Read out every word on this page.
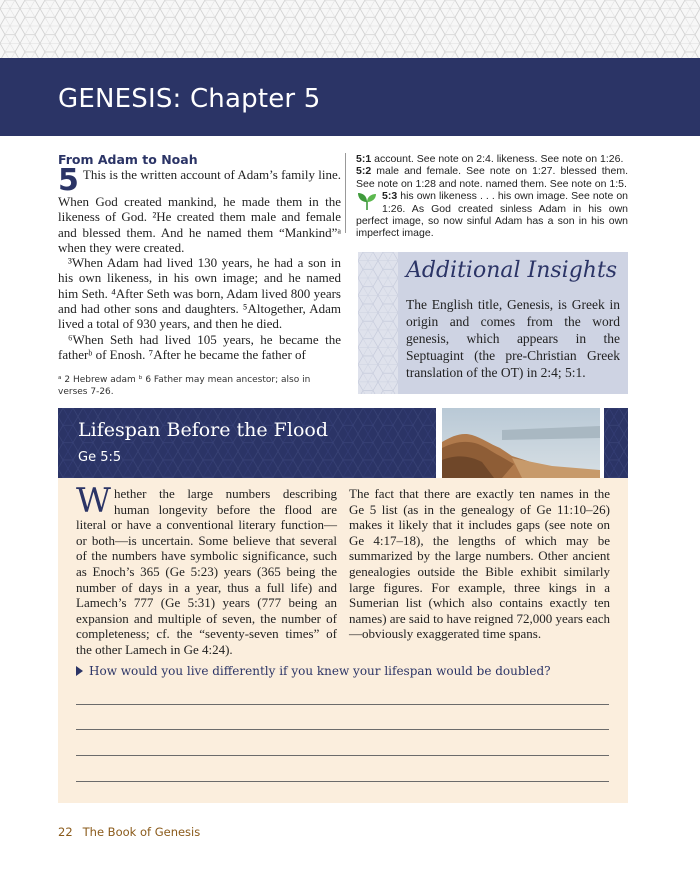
GENESIS: Chapter 5
From Adam to Noah

5 This is the written account of Adam’s family line.

When God created mankind, he made them in the likeness of God. ²He created them male and female and blessed them. And he named them “Mankind”ᵃ when they were created.

³When Adam had lived 130 years, he had a son in his own likeness, in his own image; and he named him Seth. ⁴After Seth was born, Adam lived 800 years and had other sons and daughters. ⁵Altogether, Adam lived a total of 930 years, and then he died.

⁶When Seth had lived 105 years, he became the fatherᵇ of Enosh. ⁷After he became the father of

ᵃ 2 Hebrew adam ᵇ 6 Father may mean ancestor; also in verses 7-26.

5:1 account. See note on 2:4. likeness. See note on 1:26.

5:2 male and female. See note on 1:27. blessed them. See note on 1:28 and note. named them. See note on 1:5.

5:3 his own likeness . . . his own image. See note on 1:26. As God created sinless Adam in his own perfect image, so now sinful Adam has a son in his own imperfect image.

Additional Insights
The English title, Genesis, is Greek in origin and comes from the word genesis, which appears in the Septuagint (the pre-Christian Greek translation of the OT) in 2:4; 5:1.
Lifespan Before the Flood
Ge 5:5
Whether the large numbers describing human longevity before the flood are literal or have a conventional literary function—or both—is uncertain. Some believe that several of the numbers have symbolic significance, such as Enoch’s 365 (Ge 5:23) years (365 being the number of days in a year, thus a full life) and Lamech’s 777 (Ge 5:31) years (777 being an expansion and multiple of seven, the number of completeness; cf. the “seventy-seven times” of the other Lamech in Ge 4:24).
The fact that there are exactly ten names in the Ge 5 list (as in the genealogy of Ge 11:10–26) makes it likely that it includes gaps (see note on Ge 4:17–18), the lengths of which may be summarized by the large numbers. Other ancient genealogies outside the Bible exhibit similarly large figures. For example, three kings in a Sumerian list (which also contains exactly ten names) are said to have reigned 72,000 years each—obviously exaggerated time spans.
How would you live differently if you knew your lifespan would be doubled?
22 The Book of Genesis
